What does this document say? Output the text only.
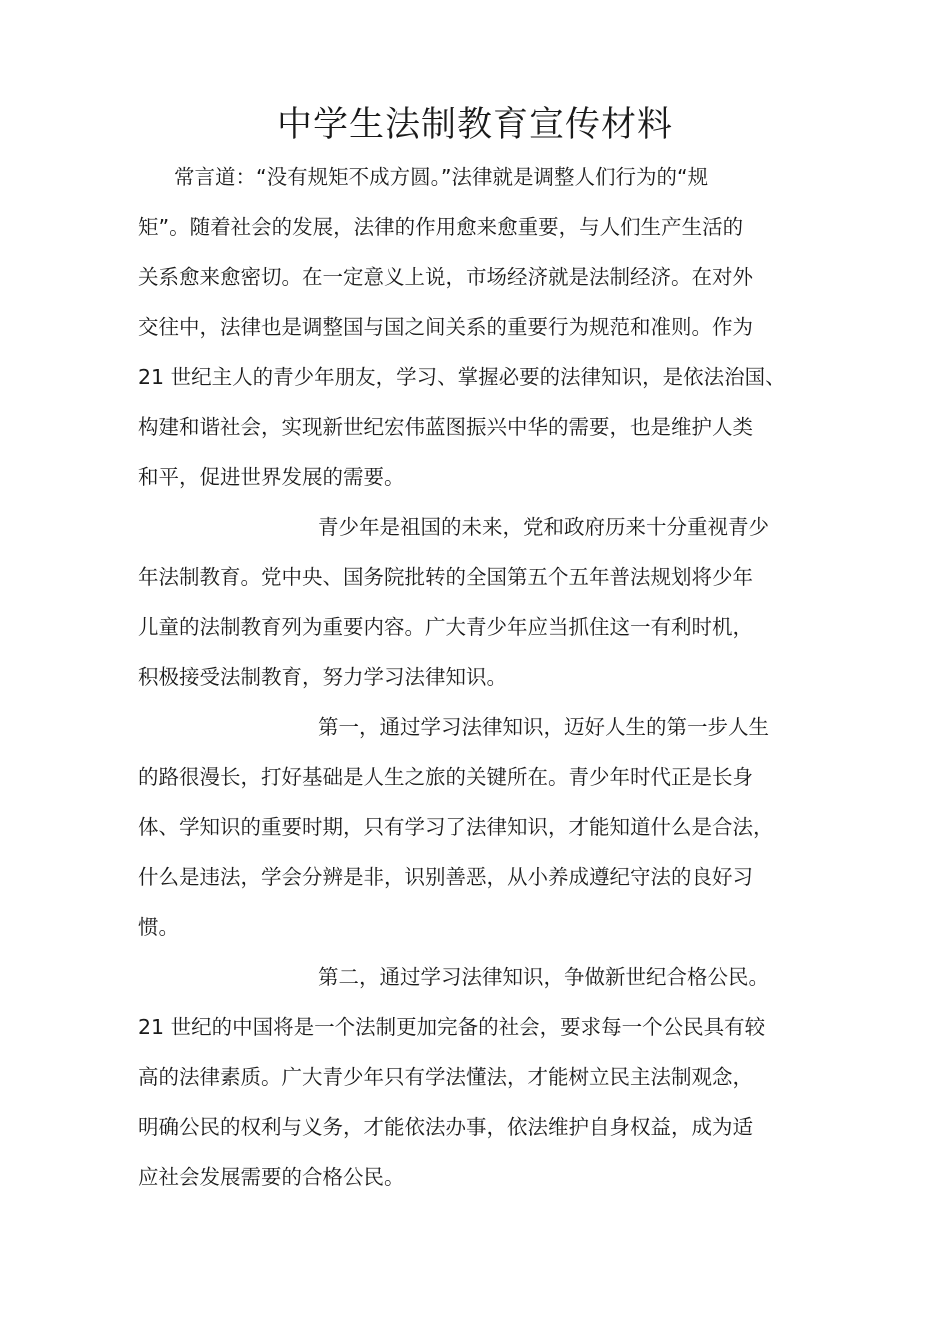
中学生法制教育宣传材料

常言道：“没有规矩不成方圆。”法律就是调整人们行为的“规

矩”。随着社会的发展，法律的作用愈来愈重要，与人们生产生活的

关系愈来愈密切。在一定意义上说，市场经济就是法制经济。在对外

交往中，法律也是调整国与国之间关系的重要行为规范和准则。作为

21 世纪主人的青少年朋友，学习、掌握必要的法律知识，是依法治国、

构建和谐社会，实现新世纪宏伟蓝图振兴中华的需要，也是维护人类

和平，促进世界发展的需要。

青少年是祖国的未来，党和政府历来十分重视青少

年法制教育。党中央、国务院批转的全国第五个五年普法规划将少年

儿童的法制教育列为重要内容。广大青少年应当抓住这一有利时机，

积极接受法制教育，努力学习法律知识。

第一，通过学习法律知识，迈好人生的第一步人生

的路很漫长，打好基础是人生之旅的关键所在。青少年时代正是长身

体、学知识的重要时期，只有学习了法律知识，才能知道什么是合法，

什么是违法，学会分辨是非，识别善恶，从小养成遵纪守法的良好习

惯。

第二，通过学习法律知识，争做新世纪合格公民。

21 世纪的中国将是一个法制更加完备的社会，要求每一个公民具有较

高的法律素质。广大青少年只有学法懂法，才能树立民主法制观念，

明确公民的权利与义务，才能依法办事，依法维护自身权益，成为适

应社会发展需要的合格公民。
